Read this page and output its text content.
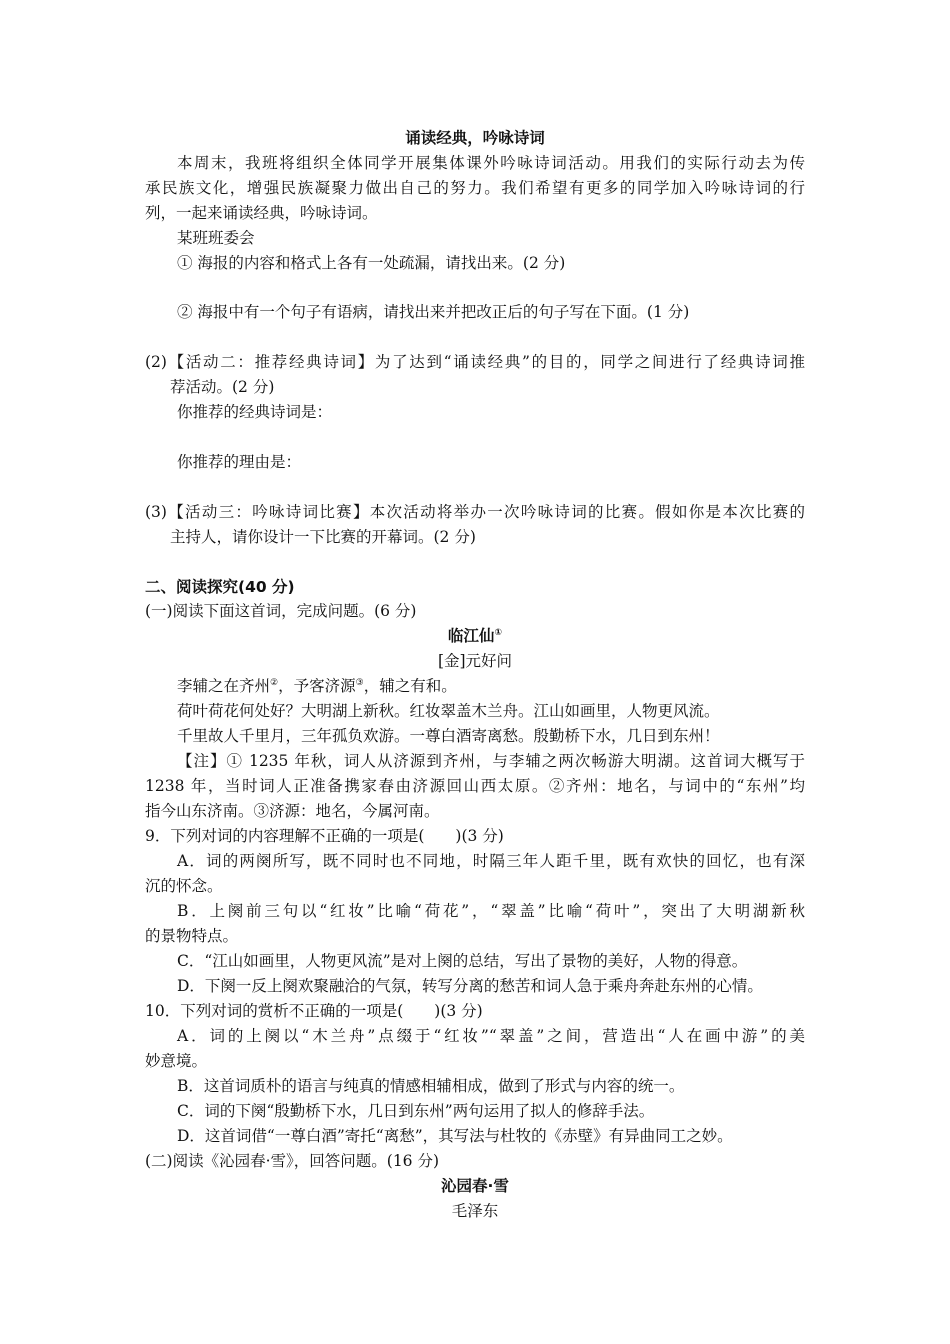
诵读经典，吟咏诗词
本周末，我班将组织全体同学开展集体课外吟咏诗词活动。用我们的实际行动去为传
承民族文化，增强民族凝聚力做出自己的努力。我们希望有更多的同学加入吟咏诗词的行
列，一起来诵读经典，吟咏诗词。
某班班委会
① 海报的内容和格式上各有一处疏漏，请找出来。(2 分)
② 海报中有一个句子有语病，请找出来并把改正后的句子写在下面。(1 分)
(2)【活动二：推荐经典诗词】为了达到“诵读经典”的目的，同学之间进行了经典诗词推
荐活动。(2 分)
你推荐的经典诗词是：
你推荐的理由是：
(3)【活动三：吟咏诗词比赛】本次活动将举办一次吟咏诗词的比赛。假如你是本次比赛的
主持人，请你设计一下比赛的开幕词。(2 分)
二、阅读探究(40 分)
(一)阅读下面这首词，完成问题。(6 分)
临江仙①
[金]元好问
李辅之在齐州②，予客济源③，辅之有和。
荷叶荷花何处好？大明湖上新秋。红妆翠盖木兰舟。江山如画里，人物更风流。
千里故人千里月，三年孤负欢游。一尊白酒寄离愁。殷勤桥下水，几日到东州！
【注】① 1235 年秋，词人从济源到齐州，与李辅之两次畅游大明湖。这首词大概写于
1238 年，当时词人正准备携家春由济源回山西太原。②齐州：地名，与词中的“东州”均
指今山东济南。③济源：地名，今属河南。
9．下列对词的内容理解不正确的一项是(　　)(3 分)
A．词的两阕所写，既不同时也不同地，时隔三年人距千里，既有欢快的回忆，也有深
沉的怀念。
B．上阕前三句以“红妆”比喻“荷花”，“翠盖”比喻“荷叶”，突出了大明湖新秋
的景物特点。
C．“江山如画里，人物更风流”是对上阕的总结，写出了景物的美好，人物的得意。
D．下阕一反上阕欢聚融洽的气氛，转写分离的愁苦和词人急于乘舟奔赴东州的心情。
10．下列对词的赏析不正确的一项是(　　)(3 分)
A．词的上阕以“木兰舟”点缀于“红妆”“翠盖”之间，营造出“人在画中游”的美
妙意境。
B．这首词质朴的语言与纯真的情感相辅相成，做到了形式与内容的统一。
C．词的下阕“殷勤桥下水，几日到东州”两句运用了拟人的修辞手法。
D．这首词借“一尊白酒”寄托“离愁”，其写法与杜牧的《赤壁》有异曲同工之妙。
(二)阅读《沁园春·雪》，回答问题。(16 分)
沁园春·雪
毛泽东
